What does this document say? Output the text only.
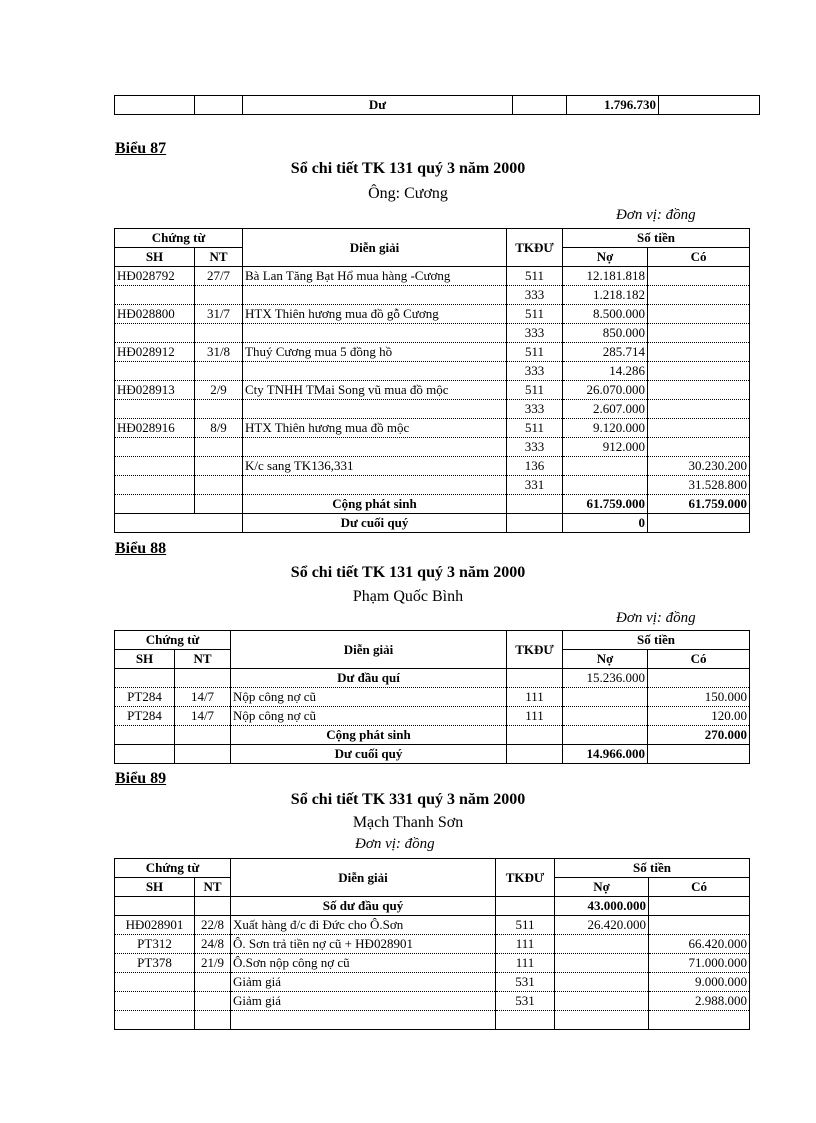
		Dư		1.796.730	
Biểu 87
Sổ chi tiết TK 131 quý 3 năm 2000
Ông: Cương
Đơn vị: đồng
Chứng từ		Diễn giải	TKĐƯ	Số tiền	
SH	NT			Nợ	Có
HĐ028792	27/7	Bà Lan Tăng Bạt Hổ mua hàng -Cương	511	12.181.818	
			333	1.218.182	
HĐ028800	31/7	HTX Thiên hương mua đồ gỗ Cương	511	8.500.000	
			333	850.000	
HĐ028912	31/8	Thuý Cương mua 5 đồng hồ	511	285.714	
			333	14.286	
HĐ028913	2/9	Cty TNHH TMai Song vũ mua đồ mộc	511	26.070.000	
			333	2.607.000	
HĐ028916	8/9	HTX Thiên hương mua đồ mộc	511	9.120.000	
			333	912.000	
		K/c sang TK136,331	136		30.230.200
			331		31.528.800
		Cộng phát sinh		61.759.000	61.759.000
		Dư cuối quý		0	
Biểu 88
Sổ chi tiết TK 131 quý 3 năm 2000
Phạm Quốc Bình
Đơn vị: đồng
Chứng từ		Diễn giải	TKĐƯ	Số tiền	
SH	NT			Nợ	Có
		Dư đầu quí		15.236.000	
PT284	14/7	Nộp công nợ cũ	111		150.000
PT284	14/7	Nộp công nợ cũ	111		120.00
		Cộng phát sinh			270.000
		Dư cuối quý		14.966.000	
Biểu 89
Sổ chi tiết TK 331 quý 3 năm 2000
Mạch Thanh Sơn
Đơn vị: đồng
Chứng từ		Diễn giải	TKĐƯ	Số tiền	
SH	NT			Nợ	Có
		Số dư đầu quý		43.000.000	
HĐ028901	22/8	Xuất hàng đ/c đi Đức cho Ô.Sơn	511	26.420.000	
PT312	24/8	Ô. Sơn trả tiền nợ cũ + HĐ028901	111		66.420.000
PT378	21/9	Ô.Sơn nộp công nợ cũ	111		71.000.000
		Giảm giá	531		9.000.000
		Giảm giá	531		2.988.000
